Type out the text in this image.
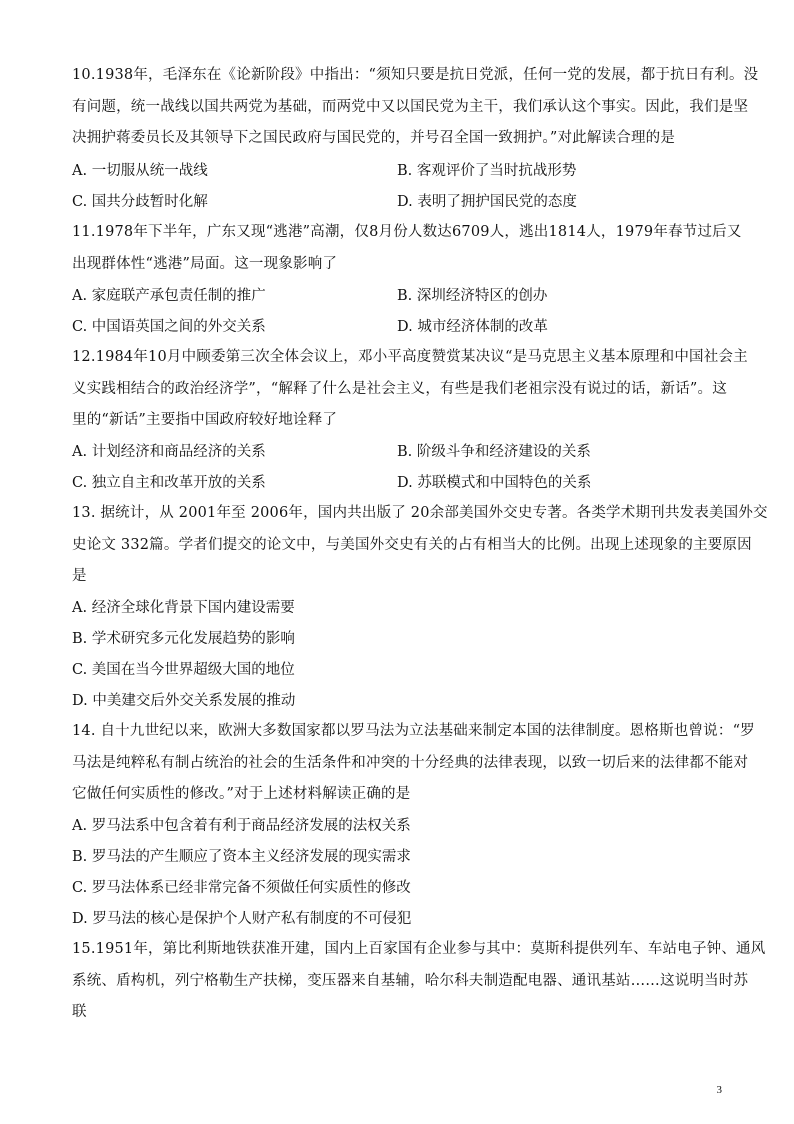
10.1938年，毛泽东在《论新阶段》中指出：“须知只要是抗日党派，任何一党的发展，都于抗日有利。没
有问题，统一战线以国共两党为基础，而两党中又以国民党为主干，我们承认这个事实。因此，我们是坚
决拥护蒋委员长及其领导下之国民政府与国民党的，并号召全国一致拥护。”对此解读合理的是
A. 一切服从统一战线	B. 客观评价了当时抗战形势
C. 国共分歧暂时化解	D. 表明了拥护国民党的态度
11.1978年下半年，广东又现“逃港”高潮，仅8月份人数达6709人，逃出1814人，1979年春节过后又
出现群体性“逃港”局面。这一现象影响了
A. 家庭联产承包责任制的推广	B. 深圳经济特区的创办
C. 中国语英国之间的外交关系	D. 城市经济体制的改革
12.1984年10月中顾委第三次全体会议上，邓小平高度赞赏某决议“是马克思主义基本原理和中国社会主
义实践相结合的政治经济学”，“解释了什么是社会主义，有些是我们老祖宗没有说过的话，新话”。这
里的“新话”主要指中国政府较好地诠释了
A. 计划经济和商品经济的关系	B. 阶级斗争和经济建设的关系
C. 独立自主和改革开放的关系	D. 苏联模式和中国特色的关系
13. 据统计，从 2001年至 2006年，国内共出版了 20余部美国外交史专著。各类学术期刊共发表美国外交
史论文 332篇。学者们提交的论文中，与美国外交史有关的占有相当大的比例。出现上述现象的主要原因
是
A. 经济全球化背景下国内建设需要
B. 学术研究多元化发展趋势的影响
C. 美国在当今世界超级大国的地位
D. 中美建交后外交关系发展的推动
14. 自十九世纪以来，欧洲大多数国家都以罗马法为立法基础来制定本国的法律制度。恩格斯也曾说：“罗
马法是纯粹私有制占统治的社会的生活条件和冲突的十分经典的法律表现，以致一切后来的法律都不能对
它做任何实质性的修改。”对于上述材料解读正确的是
A. 罗马法系中包含着有利于商品经济发展的法权关系
B. 罗马法的产生顺应了资本主义经济发展的现实需求
C. 罗马法体系已经非常完备不须做任何实质性的修改
D. 罗马法的核心是保护个人财产私有制度的不可侵犯
15.1951年，第比利斯地铁获准开建，国内上百家国有企业参与其中：莫斯科提供列车、车站电子钟、通风
系统、盾构机，列宁格勒生产扶梯，变压器来自基辅，哈尔科夫制造配电器、通讯基站……这说明当时苏
联
3
